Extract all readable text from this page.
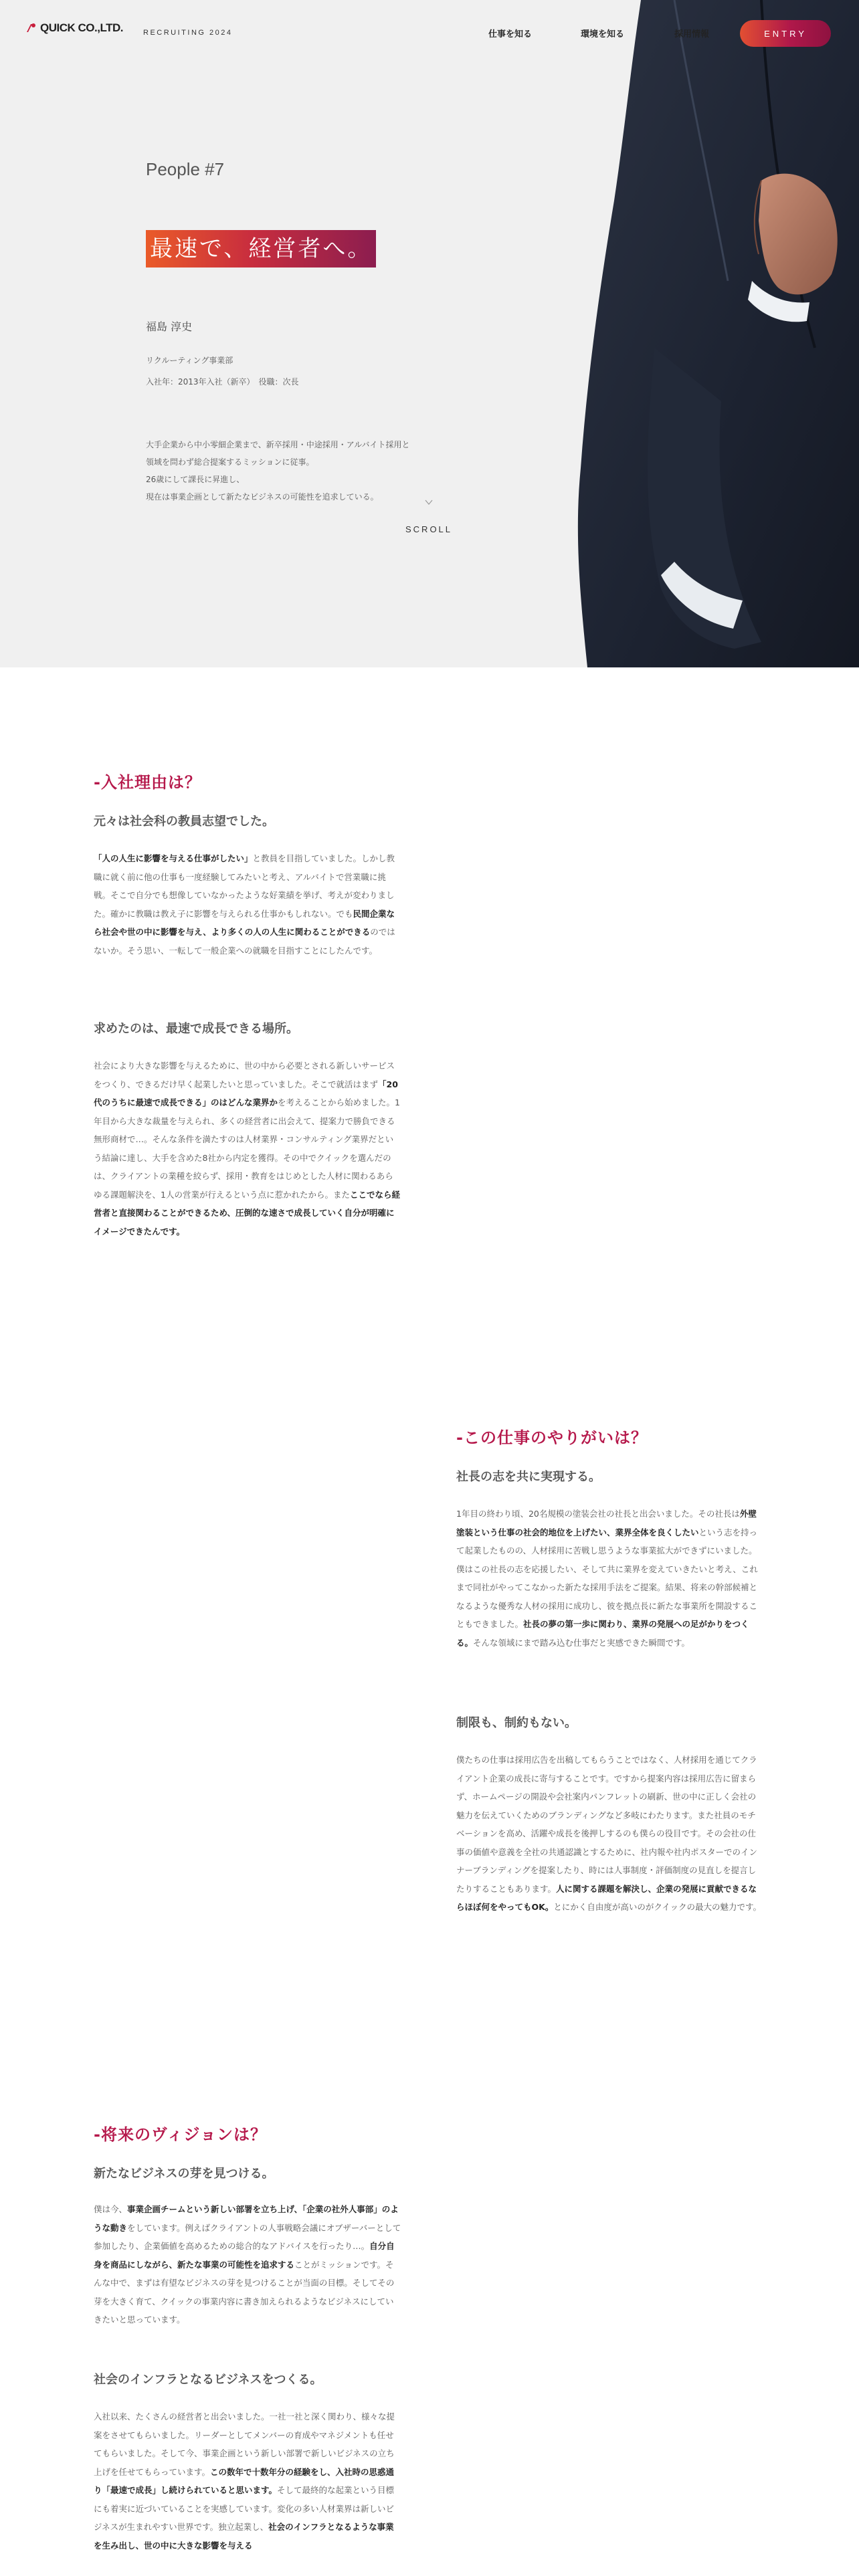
QUICK CO.,LTD.	RECRUITING 2024	仕事を知る	環境を知る	採用情報	ENTRY
People #7
最速で、経営者へ。
福島 淳史
リクルーティング事業部
入社年：2013年入社（新卒）　役職：次長
大手企業から中小零細企業まで、新卒採用・中途採用・アルバイト採用と
領域を問わず総合提案するミッションに従事。
26歳にして課長に昇進し、
現在は事業企画として新たなビジネスの可能性を追求している。
SCROLL
-入社理由は？
元々は社会科の教員志望でした。

「人の人生に影響を与える仕事がしたい」と教員を目指していました。しかし教職に就く前に他の仕事も一度経験してみたいと考え、アルバイトで営業職に挑戦。そこで自分でも想像していなかったような好業績を挙げ、考えが変わりました。確かに教職は教え子に影響を与えられる仕事かもしれない。でも民間企業なら社会や世の中に影響を与え、より多くの人の人生に関わることができるのではないか。そう思い、一転して一般企業への就職を目指すことにしたんです。

求めたのは、最速で成長できる場所。

社会により大きな影響を与えるために、世の中から必要とされる新しいサービスをつくり、できるだけ早く起業したいと思っていました。そこで就活はまず「20代のうちに最速で成長できる」のはどんな業界かを考えることから始めました。1年目から大きな裁量を与えられ、多くの経営者に出会えて、提案力で勝負できる無形商材で…。そんな条件を満たすのは人材業界・コンサルティング業界だという結論に達し、大手を含めた8社から内定を獲得。その中でクイックを選んだのは、クライアントの業種を絞らず、採用・教育をはじめとした人材に関わるあらゆる課題解決を、1人の営業が行えるという点に惹かれたから。またここでなら経営者と直接関わることができるため、圧倒的な速さで成長していく自分が明確にイメージできたんです。

-この仕事のやりがいは？
社長の志を共に実現する。

1年目の終わり頃、20名規模の塗装会社の社長と出会いました。その社長は外壁塗装という仕事の社会的地位を上げたい、業界全体を良くしたいという志を持って起業したものの、人材採用に苦戦し思うような事業拡大ができずにいました。僕はこの社長の志を応援したい、そして共に業界を変えていきたいと考え、これまで同社がやってこなかった新たな採用手法をご提案。結果、将来の幹部候補となるような優秀な人材の採用に成功し、彼を拠点長に新たな事業所を開設することもできました。社長の夢の第一歩に関わり、業界の発展への足がかりをつくる。そんな領域にまで踏み込む仕事だと実感できた瞬間です。

制限も、制約もない。

僕たちの仕事は採用広告を出稿してもらうことではなく、人材採用を通じてクライアント企業の成長に寄与することです。ですから提案内容は採用広告に留まらず、ホームページの開設や会社案内パンフレットの刷新、世の中に正しく会社の魅力を伝えていくためのブランディングなど多岐にわたります。また社員のモチベーションを高め、活躍や成長を後押しするのも僕らの役目です。その会社の仕事の価値や意義を全社の共通認識とするために、社内報や社内ポスターでのインナーブランディングを提案したり、時には人事制度・評価制度の見直しを提言したりすることもあります。人に関する課題を解決し、企業の発展に貢献できるならほぼ何をやってもOK。とにかく自由度が高いのがクイックの最大の魅力です。

-将来のヴィジョンは？
新たなビジネスの芽を見つける。

僕は今、事業企画チームという新しい部署を立ち上げ、「企業の社外人事部」のような動きをしています。例えばクライアントの人事戦略会議にオブザーバーとして参加したり、企業価値を高めるための総合的なアドバイスを行ったり…。自分自身を商品にしながら、新たな事業の可能性を追求することがミッションです。そんな中で、まずは有望なビジネスの芽を見つけることが当面の目標。そしてその芽を大きく育て、クイックの事業内容に書き加えられるようなビジネスにしていきたいと思っています。

社会のインフラとなるビジネスをつくる。

入社以来、たくさんの経営者と出会いました。一社一社と深く関わり、様々な提案をさせてもらいました。リーダーとしてメンバーの育成やマネジメントも任せてもらいました。そして今、事業企画という新しい部署で新しいビジネスの立ち上げを任せてもらっています。この数年で十数年分の経験をし、入社時の思惑通り「最速で成長」し続けられていると思います。そして最終的な起業という目標にも着実に近づいていることを実感しています。変化の多い人材業界は新しいビジネスが生まれやすい世界です。独立起業し、社会のインフラとなるような事業を生み出し、世の中に大きな影響を与える
